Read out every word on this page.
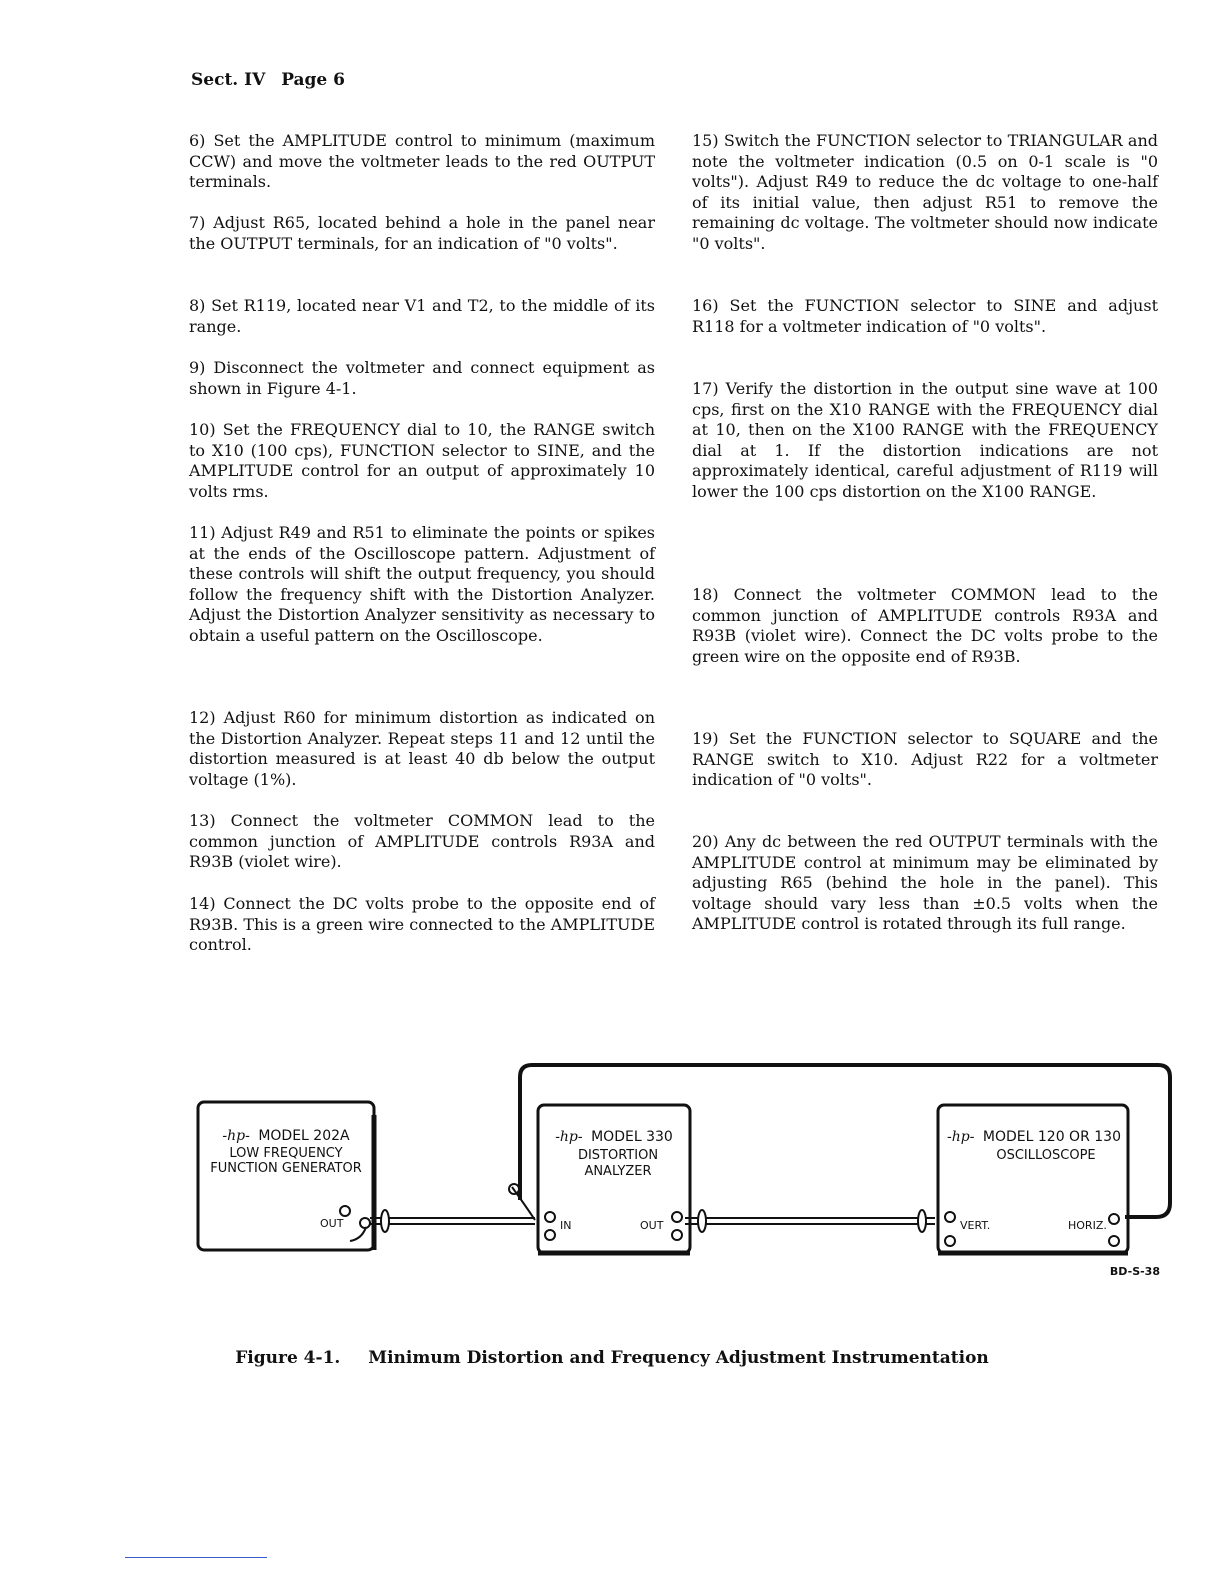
Sect. IV Page 6

6) Set the AMPLITUDE control to minimum (maximum CCW) and move the voltmeter leads to the red OUTPUT terminals.

7) Adjust R65, located behind a hole in the panel near the OUTPUT terminals, for an indication of "0 volts".

8) Set R119, located near V1 and T2, to the middle of its range.

9) Disconnect the voltmeter and connect equipment as shown in Figure 4-1.

10) Set the FREQUENCY dial to 10, the RANGE switch to X10 (100 cps), FUNCTION selector to SINE, and the AMPLITUDE control for an output of approximately 10 volts rms.

11) Adjust R49 and R51 to eliminate the points or spikes at the ends of the Oscilloscope pattern. Adjustment of these controls will shift the output frequency, you should follow the frequency shift with the Distortion Analyzer. Adjust the Distortion Analyzer sensitivity as necessary to obtain a useful pattern on the Oscilloscope.

12) Adjust R60 for minimum distortion as indicated on the Distortion Analyzer. Repeat steps 11 and 12 until the distortion measured is at least 40 db below the output voltage (1%).

13) Connect the voltmeter COMMON lead to the common junction of AMPLITUDE controls R93A and R93B (violet wire).

14) Connect the DC volts probe to the opposite end of R93B. This is a green wire connected to the AMPLITUDE control.

15) Switch the FUNCTION selector to TRIANGULAR and note the voltmeter indication (0.5 on 0-1 scale is "0 volts"). Adjust R49 to reduce the dc voltage to one-half of its initial value, then adjust R51 to remove the remaining dc voltage. The voltmeter should now indicate "0 volts".

16) Set the FUNCTION selector to SINE and adjust R118 for a voltmeter indication of "0 volts".

17) Verify the distortion in the output sine wave at 100 cps, first on the X10 RANGE with the FREQUENCY dial at 10, then on the X100 RANGE with the FREQUENCY dial at 1. If the distortion indications are not approximately identical, careful adjustment of R119 will lower the 100 cps distortion on the X100 RANGE.

18) Connect the voltmeter COMMON lead to the common junction of AMPLITUDE controls R93A and R93B (violet wire). Connect the DC volts probe to the green wire on the opposite end of R93B.

19) Set the FUNCTION selector to SQUARE and the RANGE switch to X10. Adjust R22 for a voltmeter indication of "0 volts".

20) Any dc between the red OUTPUT terminals with the AMPLITUDE control at minimum may be eliminated by adjusting R65 (behind the hole in the panel). This voltage should vary less than ±0.5 volts when the AMPLITUDE control is rotated through its full range.

-hp- MODEL 202A
LOW FREQUENCY
FUNCTION GENERATOR
OUT
-hp- MODEL 330
DISTORTION
ANALYZER
IN	OUT
-hp- MODEL 120 OR 130
OSCILLOSCOPE
VERT.	HORIZ.
BD-S-38
Figure 4-1. Minimum Distortion and Frequency Adjustment Instrumentation
